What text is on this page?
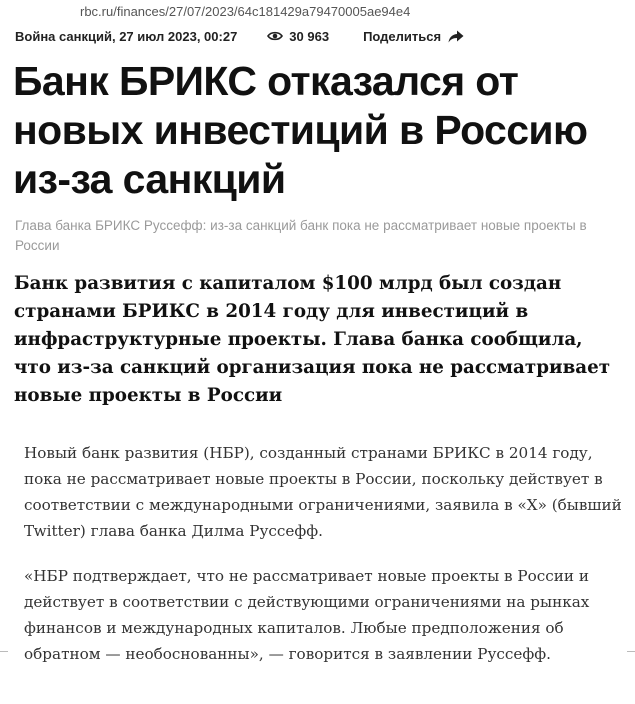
rbc.ru/finances/27/07/2023/64c181429a79470005ae94e4
Война санкций, 27 июл 2023, 00:27	30 963	Поделиться
Банк БРИКС отказался от новых инвестиций в Россию из-за санкций
Глава банка БРИКС Руссефф: из-за санкций банк пока не рассматривает новые проекты в России

Банк развития с капиталом $100 млрд был создан странами БРИКС в 2014 году для инвестиций в инфраструктурные проекты. Глава банка сообщила, что из-за санкций организация пока не рассматривает новые проекты в России

Новый банк развития (НБР), созданный странами БРИКС в 2014 году, пока не рассматривает новые проекты в России, поскольку действует в соответствии с международными ограничениями, заявила в «X» (бывший Twitter) глава банка Дилма Руссефф.

«НБР подтверждает, что не рассматривает новые проекты в России и действует в соответствии с действующими ограничениями на рынках финансов и международных капиталов. Любые предположения об обратном — необоснованны», — говорится в заявлении Руссефф.
